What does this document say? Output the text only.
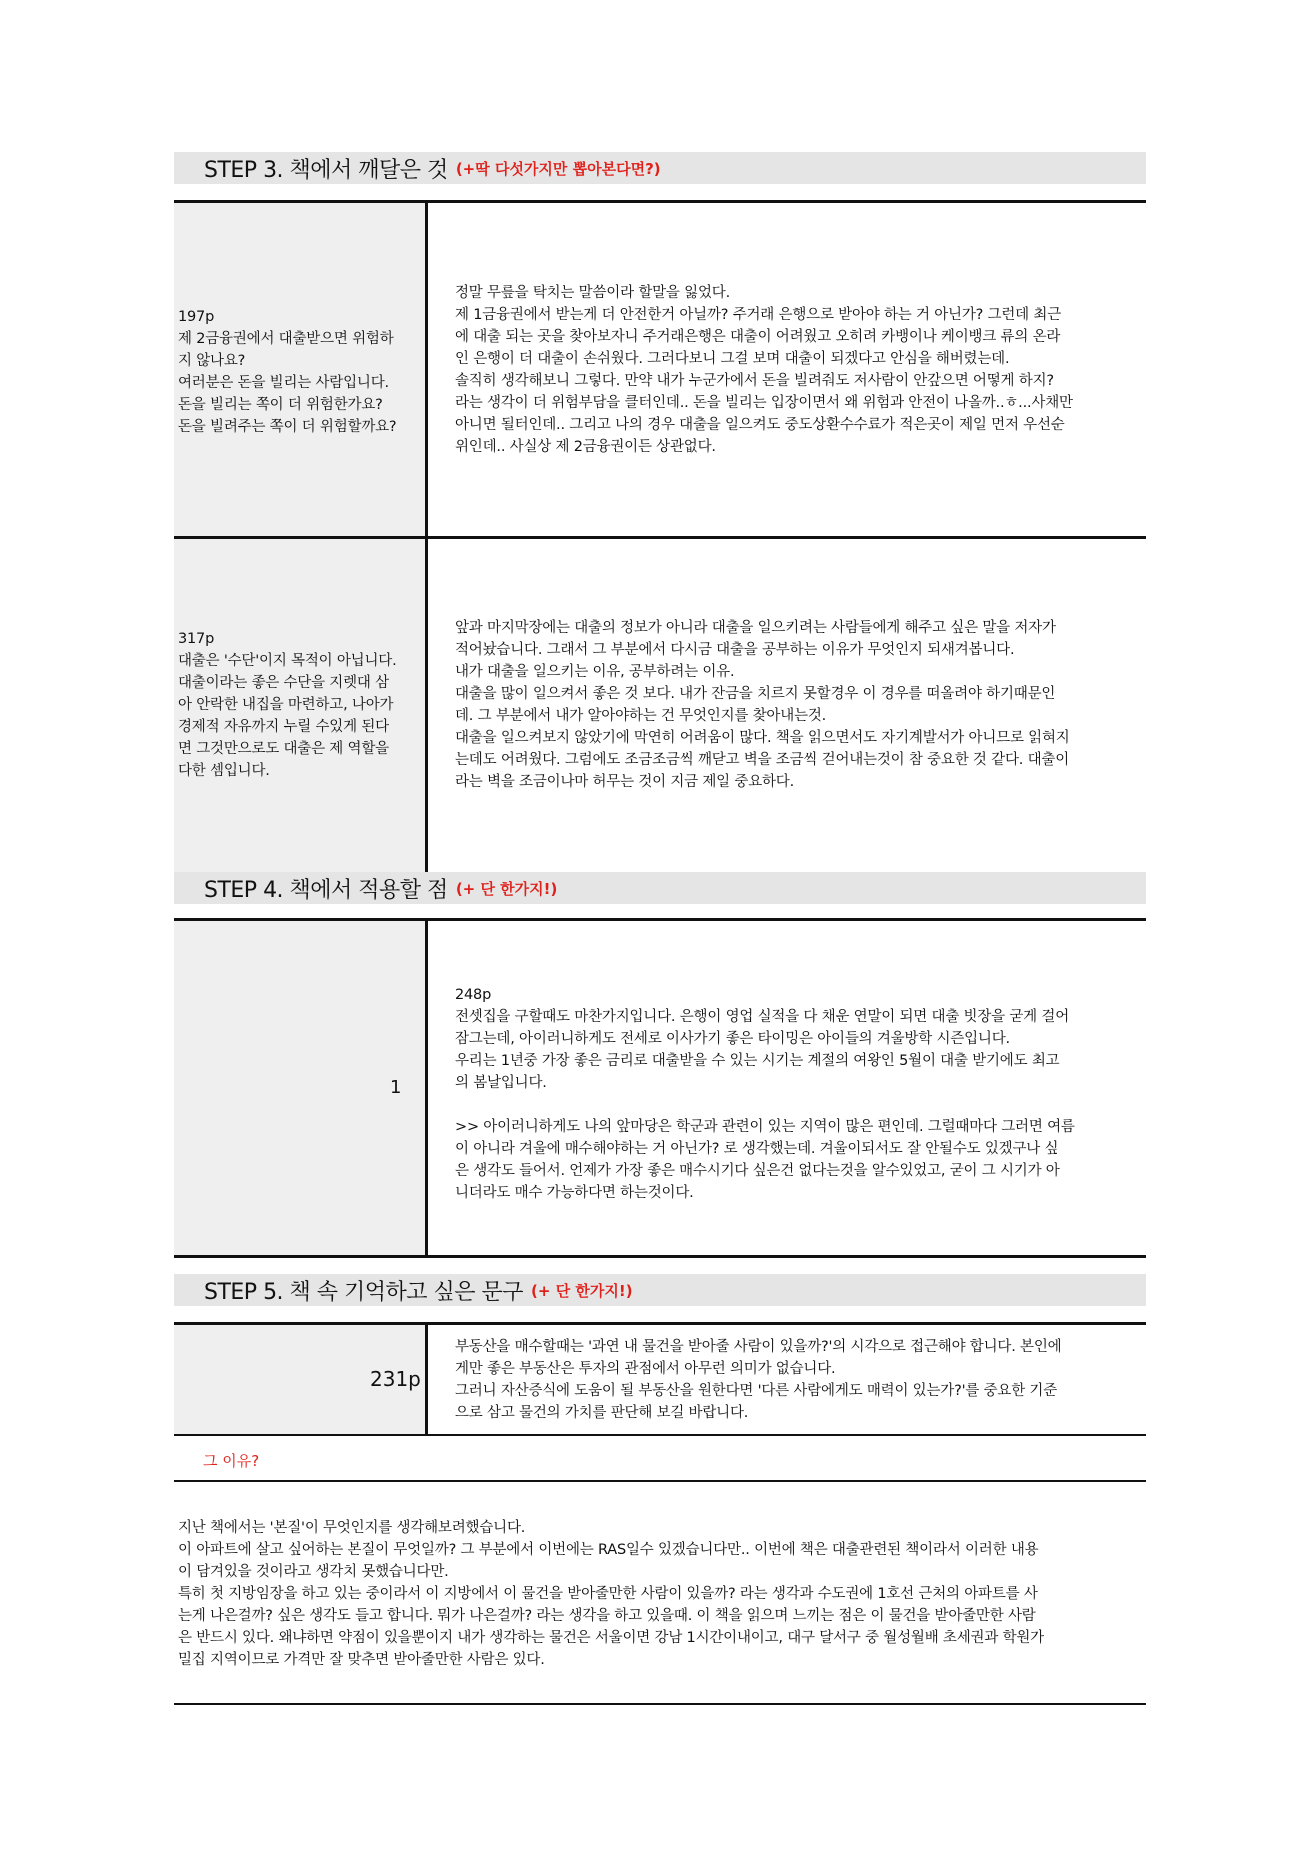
STEP 3. 책에서 깨달은 것 (+딱 다섯가지만 뽑아본다면?)
197p
제 2금융권에서 대출받으면 위험하
지 않나요?
여러분은 돈을 빌리는 사람입니다.
돈을 빌리는 쪽이 더 위험한가요?
돈을 빌려주는 쪽이 더 위험할까요?
정말 무릎을 탁치는 말씀이라 할말을 잃었다.
제 1금융권에서 받는게 더 안전한거 아닐까? 주거래 은행으로 받아야 하는 거 아닌가? 그런데 최근
에 대출 되는 곳을 찾아보자니 주거래은행은 대출이 어려웠고 오히려 카뱅이나 케이뱅크 류의 온라
인 은행이 더 대출이 손쉬웠다. 그러다보니 그걸 보며 대출이 되겠다고 안심을 해버렸는데.
솔직히 생각해보니 그렇다. 만약 내가 누군가에서 돈을 빌려줘도 저사람이 안갚으면 어떻게 하지?
라는 생각이 더 위험부담을 클터인데.. 돈을 빌리는 입장이면서 왜 위험과 안전이 나올까..ㅎ...사채만
아니면 될터인데.. 그리고 나의 경우 대출을 일으켜도 중도상환수수료가 적은곳이 제일 먼저 우선순
위인데.. 사실상 제 2금융권이든 상관없다.
317p
대출은 '수단'이지 목적이 아닙니다.
대출이라는 좋은 수단을 지렛대 삼
아 안락한 내집을 마련하고, 나아가
경제적 자유까지 누릴 수있게 된다
면 그것만으로도 대출은 제 역할을
다한 셈입니다.
앞과 마지막장에는 대출의 정보가 아니라 대출을 일으키려는 사람들에게 해주고 싶은 말을 저자가
적어놨습니다. 그래서 그 부분에서 다시금 대출을 공부하는 이유가 무엇인지 되새겨봅니다.
내가 대출을 일으키는 이유, 공부하려는 이유.
대출을 많이 일으켜서 좋은 것 보다. 내가 잔금을 치르지 못할경우 이 경우를 떠올려야 하기때문인
데. 그 부분에서 내가 알아야하는 건 무엇인지를 찾아내는것.
대출을 일으켜보지 않았기에 막연히 어려움이 많다. 책을 읽으면서도 자기계발서가 아니므로 읽혀지
는데도 어려웠다. 그럼에도 조금조금씩 깨닫고 벽을 조금씩 걷어내는것이 참 중요한 것 같다. 대출이
라는 벽을 조금이나마 허무는 것이 지금 제일 중요하다.
STEP 4. 책에서 적용할 점 (+ 단 한가지!)
1
248p
전셋집을 구할때도 마찬가지입니다. 은행이 영업 실적을 다 채운 연말이 되면 대출 빗장을 굳게 걸어
잠그는데, 아이러니하게도 전세로 이사가기 좋은 타이밍은 아이들의 겨울방학 시즌입니다.
우리는 1년중 가장 좋은 금리로 대출받을 수 있는 시기는 계절의 여왕인 5월이 대출 받기에도 최고
의 봄날입니다.

>> 아이러니하게도 나의 앞마당은 학군과 관련이 있는 지역이 많은 편인데. 그럴때마다 그러면 여름
이 아니라 겨울에 매수해야하는 거 아닌가? 로 생각했는데. 겨울이되서도 잘 안될수도 있겠구나 싶
은 생각도 들어서. 언제가 가장 좋은 매수시기다 싶은건 없다는것을 알수있었고, 굳이 그 시기가 아
니더라도 매수 가능하다면 하는것이다.
STEP 5. 책 속 기억하고 싶은 문구 (+ 단 한가지!)
231p
부동산을 매수할때는 '과연 내 물건을 받아줄 사람이 있을까?'의 시각으로 접근해야 합니다. 본인에
게만 좋은 부동산은 투자의 관점에서 아무런 의미가 없습니다.
그러니 자산증식에 도움이 될 부동산을 원한다면 '다른 사람에게도 매력이 있는가?'를 중요한 기준
으로 삼고 물건의 가치를 판단해 보길 바랍니다.
그 이유?
지난 책에서는 '본질'이 무엇인지를 생각해보려했습니다.
이 아파트에 살고 싶어하는 본질이 무엇일까? 그 부분에서 이번에는 RAS일수 있겠습니다만.. 이번에 책은 대출관련된 책이라서 이러한 내용
이 담겨있을 것이라고 생각치 못했습니다만.
특히 첫 지방임장을 하고 있는 중이라서 이 지방에서 이 물건을 받아줄만한 사람이 있을까? 라는 생각과 수도권에 1호선 근처의 아파트를 사
는게 나은걸까? 싶은 생각도 들고 합니다. 뭐가 나은걸까? 라는 생각을 하고 있을때. 이 책을 읽으며 느끼는 점은 이 물건을 받아줄만한 사람
은 반드시 있다. 왜냐하면 약점이 있을뿐이지 내가 생각하는 물건은 서울이면 강남 1시간이내이고, 대구 달서구 중 월성월배 초세권과 학원가
밀집 지역이므로 가격만 잘 맞추면 받아줄만한 사람은 있다.
